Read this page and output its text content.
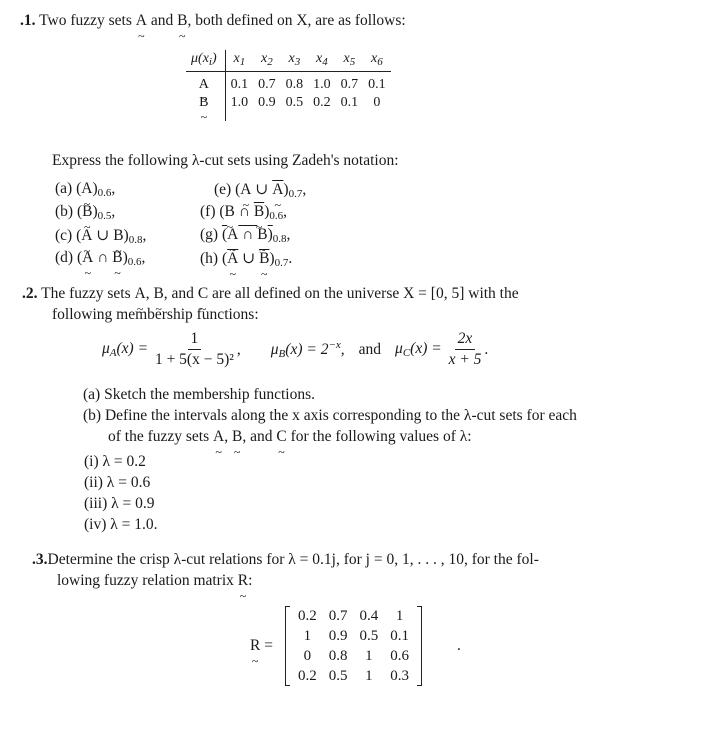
.1. Two fuzzy sets A ~ and B ~, both defined on X, are as follows:
$\mu(x_i)$	$x_1$	$x_2$	$x_3$	$x_4$	$x_5$	$x_6$
A ~	0.1	0.7	0.8	1.0	0.7	0.1
B ~	1.0	0.9	0.5	0.2	0.1	0
Express the following λ-cut sets using Zadeh's notation:
(a) (A $\sim)_{0.6}$,
(b) (B $\sim)_{0.5}$,
(c) (A ~ ∪ B $\sim)_{0.8}$,
(d) (A ~ ∩ B $\sim)_{0.6}$,
(e) (A ~ ∪ $\overline{A}$ $\sim)_{0.7}$,
(f) (B ~ ∩ $\overline{B}$ $\sim)_{0.6}$,
(g) (A ~ ∩ B $\sim)_{0.8}$,
(h) ($\overline{A}$ ~ ∪ $\overline{B}$ $\sim)_{0.7}$.
.2. The fuzzy sets A ~, B ~, and C ~ are all defined on the universe X = [0, 5] with the
following membership functions:
$\mu_A(x) = \frac{1}{\text{1 + 5(x − 5)²}}$ , $\mu_B(x) = 2^{-x}$, and $\mu_C(x) = \frac{2x}{x + 5}$ .
(a) Sketch the membership functions.
(b) Define the intervals along the x axis corresponding to the λ-cut sets for each
of the fuzzy sets A ~, B ~, and C ~ for the following values of λ:
(i) λ = 0.2
(ii) λ = 0.6
(iii) λ = 0.9
(iv) λ = 1.0.
.3.Determine the crisp λ-cut relations for λ = 0.1j, for j = 0, 1, . . . , 10, for the fol-
lowing fuzzy relation matrix R ~:
R ~ =
0.2	0.7	0.4	1
1	0.9	0.5	0.1
0	0.8	1	0.6
0.2	0.5	1	0.3
.
